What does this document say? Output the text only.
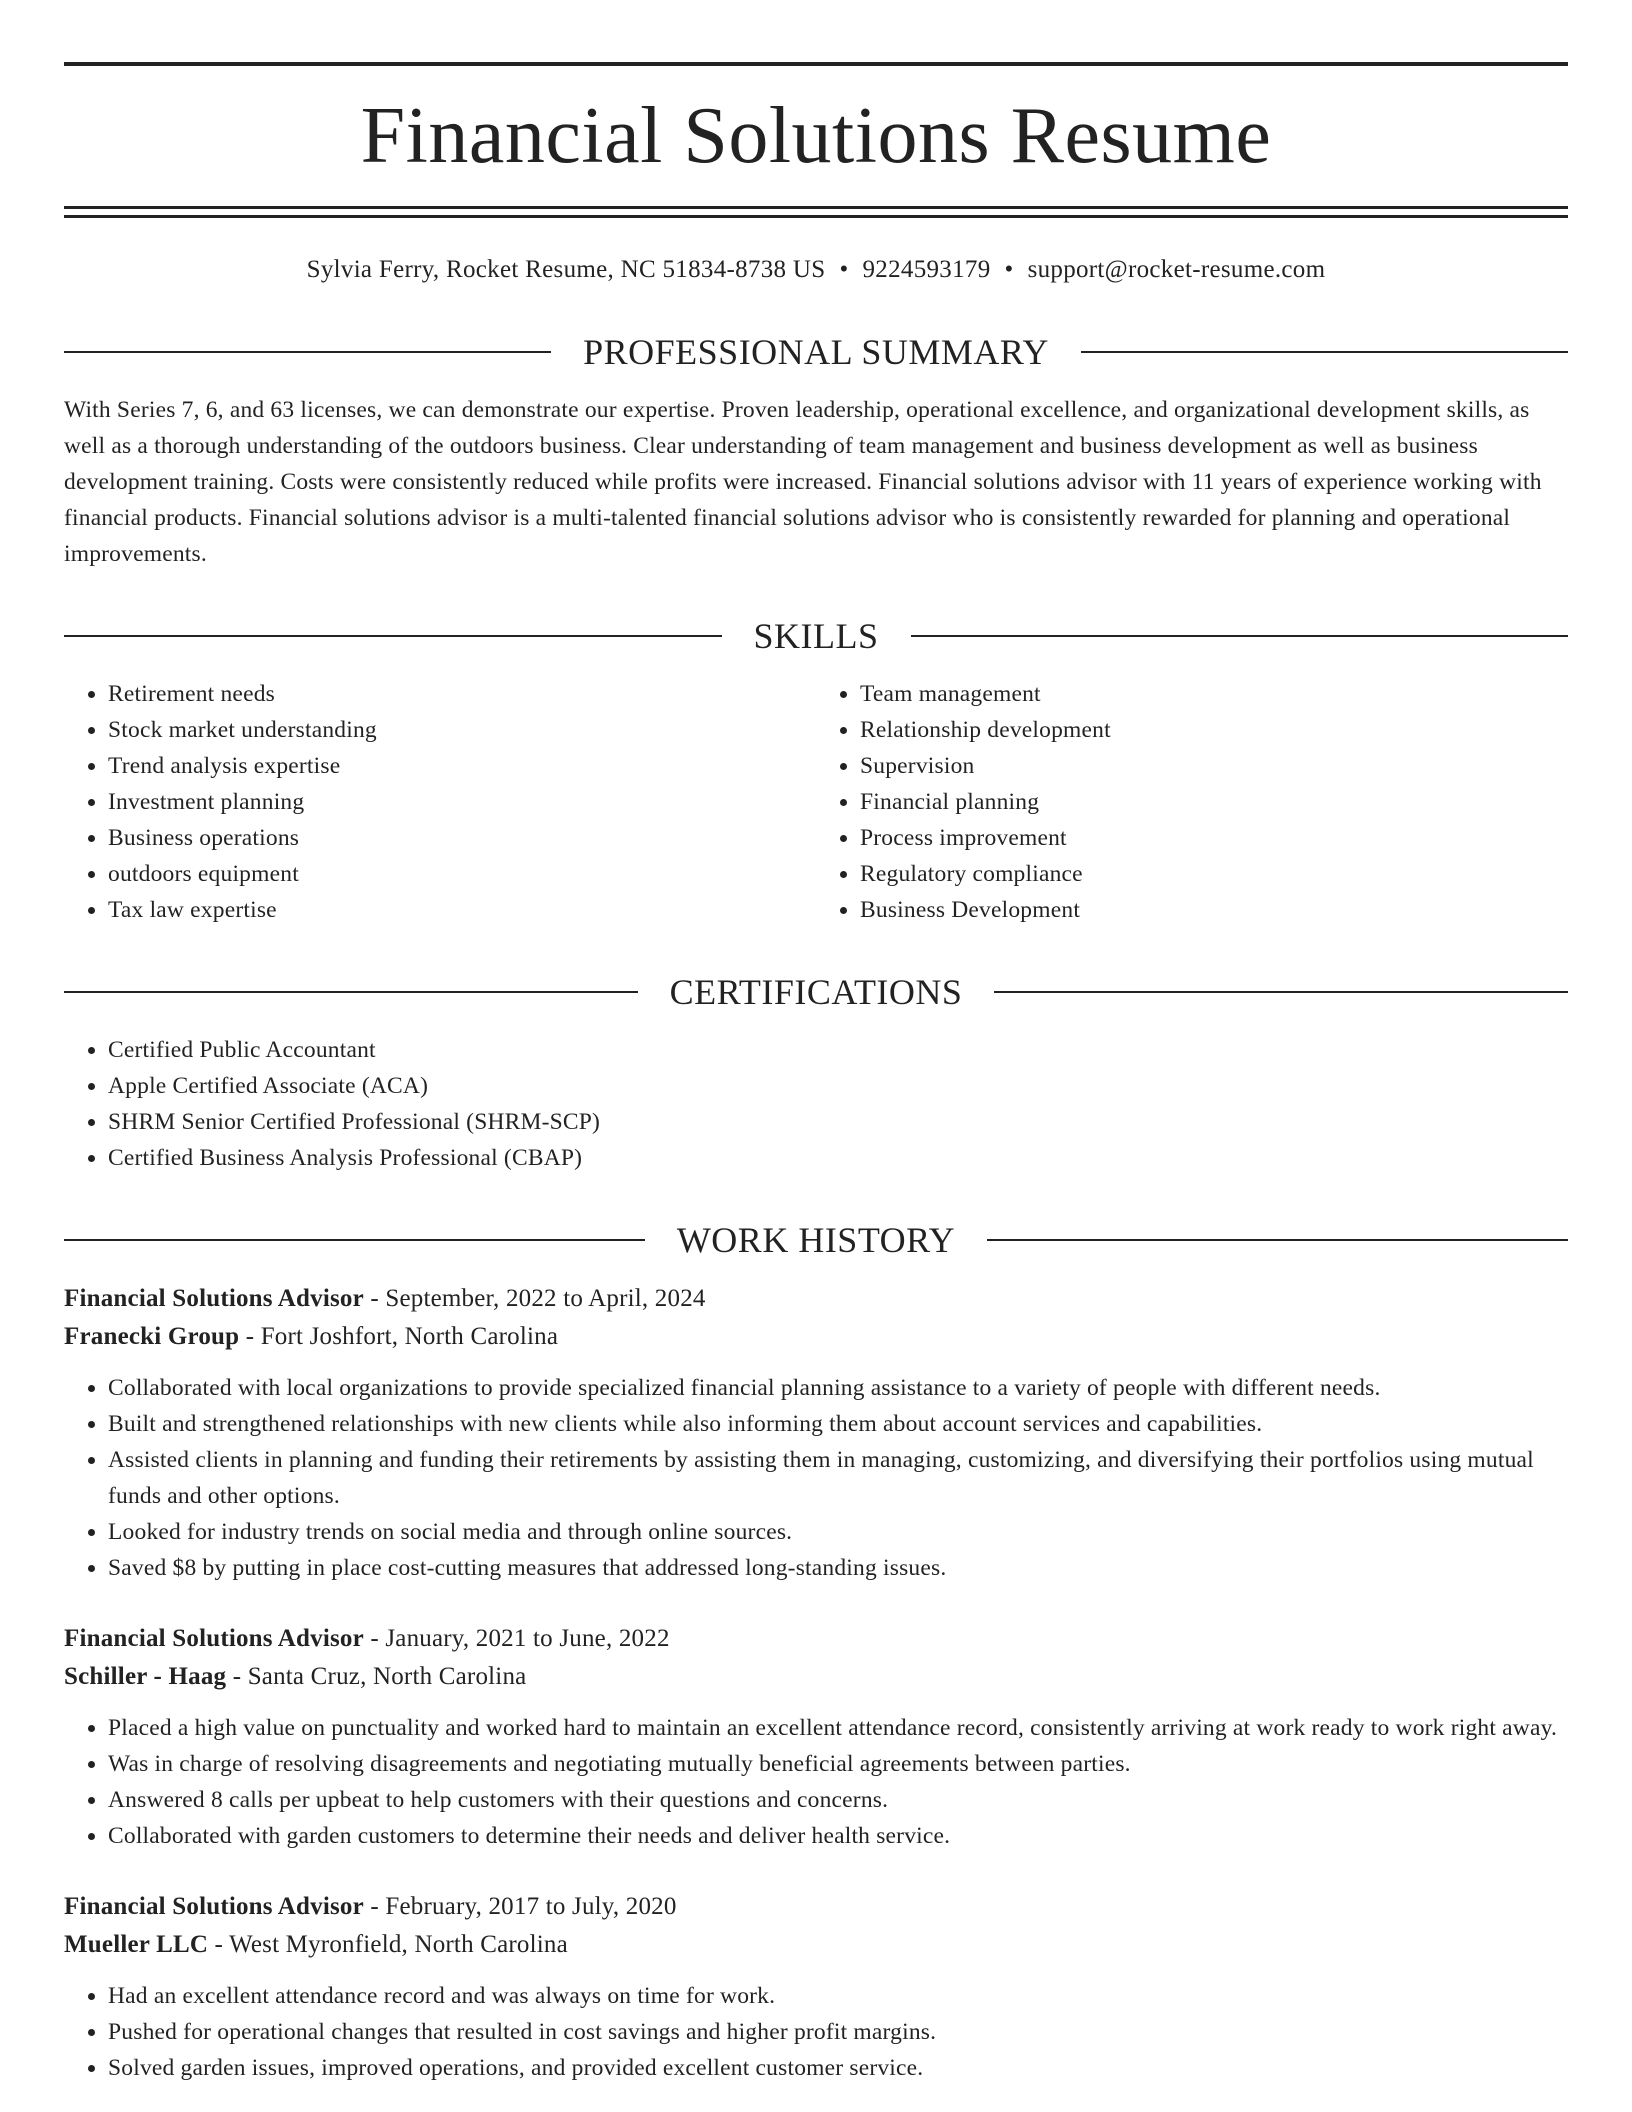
Financial Solutions Resume
Sylvia Ferry, Rocket Resume, NC 51834-8738 US • 9224593179 • support@rocket-resume.com
PROFESSIONAL SUMMARY
With Series 7, 6, and 63 licenses, we can demonstrate our expertise. Proven leadership, operational excellence, and organizational development skills, as well as a thorough understanding of the outdoors business. Clear understanding of team management and business development as well as business development training. Costs were consistently reduced while profits were increased. Financial solutions advisor with 11 years of experience working with financial products. Financial solutions advisor is a multi-talented financial solutions advisor who is consistently rewarded for planning and operational improvements.
SKILLS
• Retirement needs
• Stock market understanding
• Trend analysis expertise
• Investment planning
• Business operations
• outdoors equipment
• Tax law expertise
• Team management
• Relationship development
• Supervision
• Financial planning
• Process improvement
• Regulatory compliance
• Business Development
CERTIFICATIONS
• Certified Public Accountant
• Apple Certified Associate (ACA)
• SHRM Senior Certified Professional (SHRM-SCP)
• Certified Business Analysis Professional (CBAP)
WORK HISTORY
Financial Solutions Advisor - September, 2022 to April, 2024
Franecki Group - Fort Joshfort, North Carolina
• Collaborated with local organizations to provide specialized financial planning assistance to a variety of people with different needs.
• Built and strengthened relationships with new clients while also informing them about account services and capabilities.
• Assisted clients in planning and funding their retirements by assisting them in managing, customizing, and diversifying their portfolios using mutual funds and other options.
• Looked for industry trends on social media and through online sources.
• Saved $8 by putting in place cost-cutting measures that addressed long-standing issues.
Financial Solutions Advisor - January, 2021 to June, 2022
Schiller - Haag - Santa Cruz, North Carolina
• Placed a high value on punctuality and worked hard to maintain an excellent attendance record, consistently arriving at work ready to work right away.
• Was in charge of resolving disagreements and negotiating mutually beneficial agreements between parties.
• Answered 8 calls per upbeat to help customers with their questions and concerns.
• Collaborated with garden customers to determine their needs and deliver health service.
Financial Solutions Advisor - February, 2017 to July, 2020
Mueller LLC - West Myronfield, North Carolina
• Had an excellent attendance record and was always on time for work.
• Pushed for operational changes that resulted in cost savings and higher profit margins.
• Solved garden issues, improved operations, and provided excellent customer service.
